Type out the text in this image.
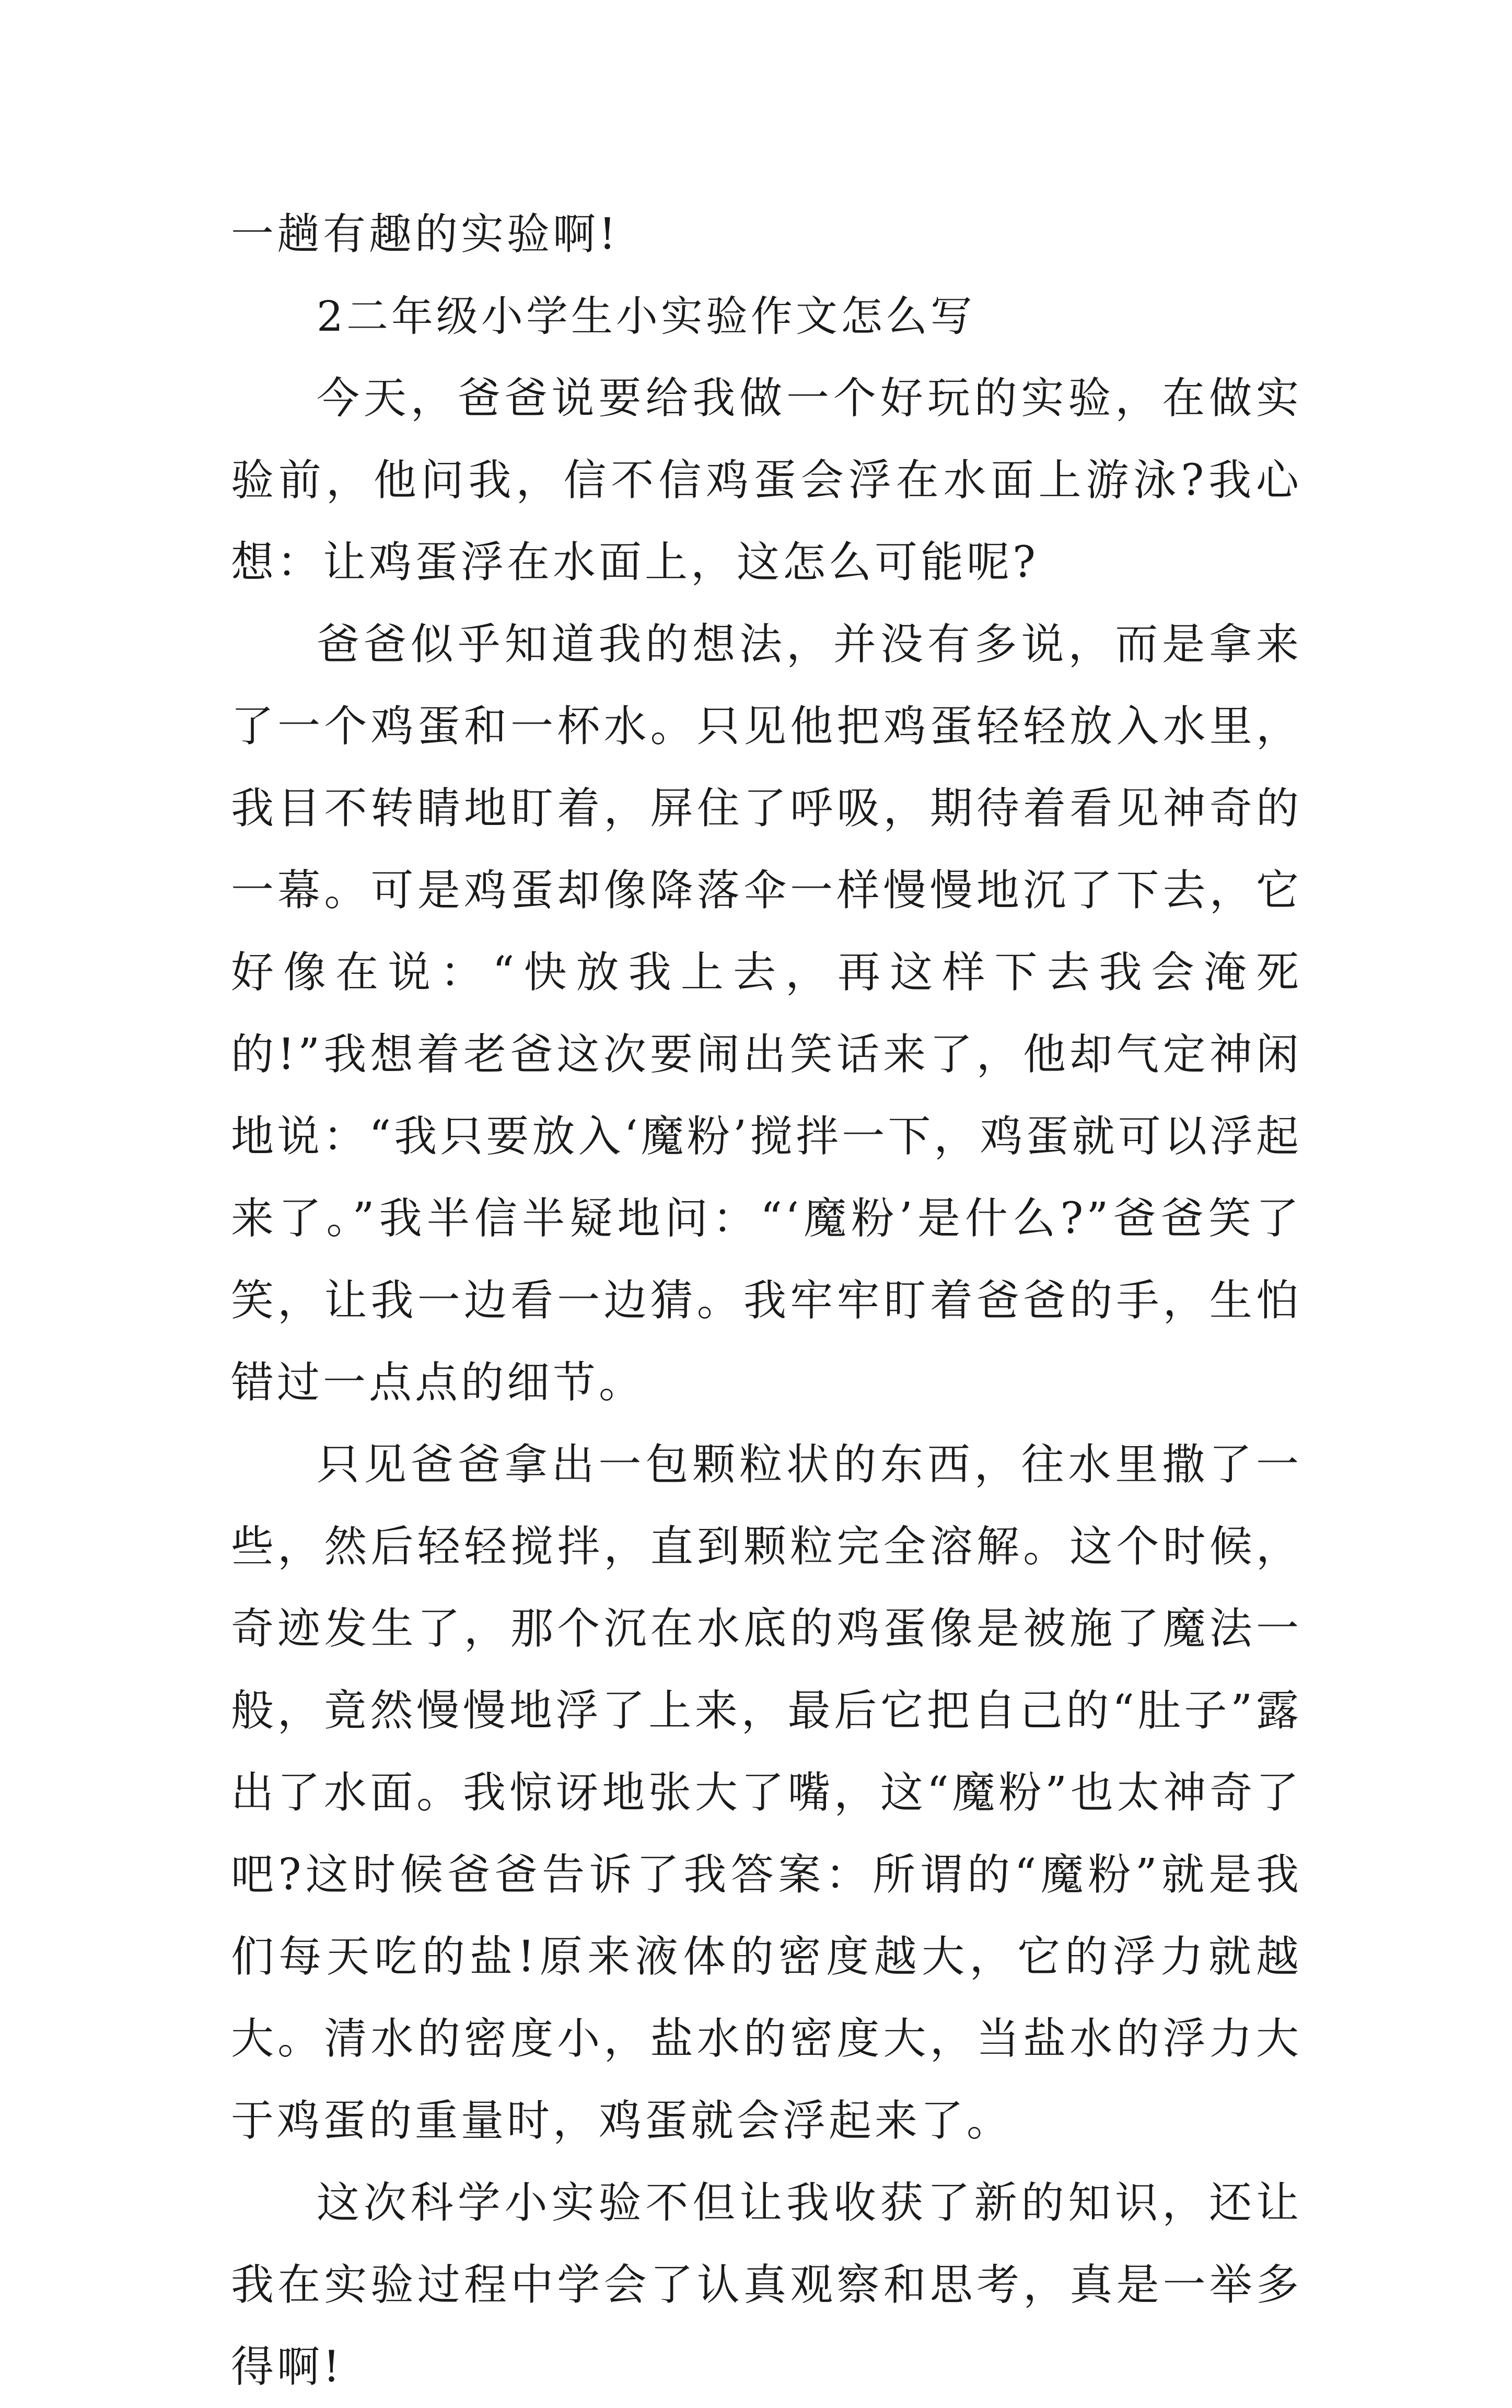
一趟有趣的实验啊!

2二年级小学生小实验作文怎么写

今天，爸爸说要给我做一个好玩的实验，在做实验前，他问我，信不信鸡蛋会浮在水面上游泳?我心想：让鸡蛋浮在水面上，这怎么可能呢?

爸爸似乎知道我的想法，并没有多说，而是拿来了一个鸡蛋和一杯水。只见他把鸡蛋轻轻放入水里，我目不转睛地盯着，屏住了呼吸，期待着看见神奇的一幕。可是鸡蛋却像降落伞一样慢慢地沉了下去，它好像在说：“快放我上去，再这样下去我会淹死的!”我想着老爸这次要闹出笑话来了，他却气定神闲地说：“我只要放入‘魔粉’搅拌一下，鸡蛋就可以浮起来了。”我半信半疑地问：“‘魔粉’是什么?”爸爸笑了笑，让我一边看一边猜。我牢牢盯着爸爸的手，生怕错过一点点的细节。

只见爸爸拿出一包颗粒状的东西，往水里撒了一些，然后轻轻搅拌，直到颗粒完全溶解。这个时候，奇迹发生了，那个沉在水底的鸡蛋像是被施了魔法一般，竟然慢慢地浮了上来，最后它把自己的“肚子”露出了水面。我惊讶地张大了嘴，这“魔粉”也太神奇了吧?这时候爸爸告诉了我答案：所谓的“魔粉”就是我们每天吃的盐!原来液体的密度越大，它的浮力就越大。清水的密度小，盐水的密度大，当盐水的浮力大于鸡蛋的重量时，鸡蛋就会浮起来了。

这次科学小实验不但让我收获了新的知识，还让我在实验过程中学会了认真观察和思考，真是一举多得啊!
